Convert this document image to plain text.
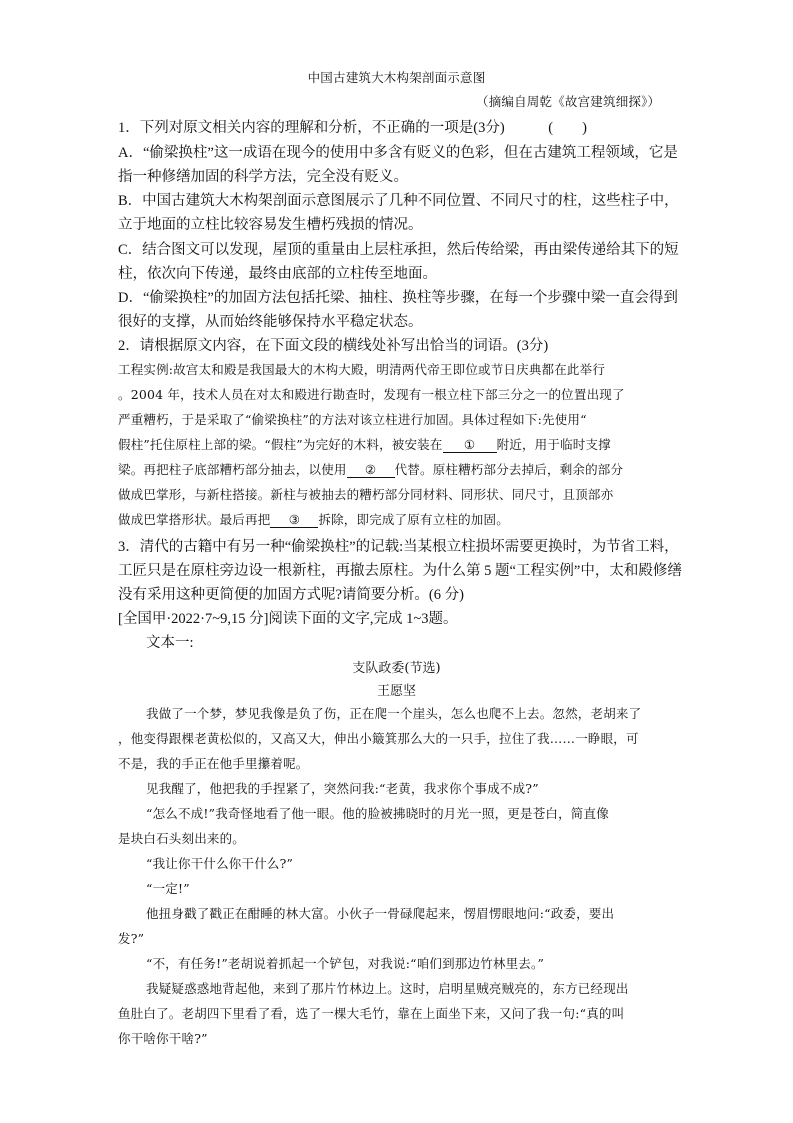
中国古建筑大木构架剖面示意图
（摘编自周乾《故宫建筑细探》）
1．下列对原文相关内容的理解和分析，不正确的一项是(3分)	(　　)
A．“偷梁换柱”这一成语在现今的使用中多含有贬义的色彩，但在古建筑工程领域，它是
指一种修缮加固的科学方法，完全没有贬义。
B．中国古建筑大木构架剖面示意图展示了几种不同位置、不同尺寸的柱，这些柱子中，
立于地面的立柱比较容易发生槽朽残损的情况。
C．结合图文可以发现，屋顶的重量由上层柱承担，然后传给梁，再由梁传递给其下的短
柱，依次向下传递，最终由底部的立柱传至地面。
D．“偷梁换柱”的加固方法包括托梁、抽柱、换柱等步骤，在每一个步骤中梁一直会得到
很好的支撑，从而始终能够保持水平稳定状态。
2．请根据原文内容，在下面文段的横线处补写出恰当的词语。(3分)
工程实例:故宫太和殿是我国最大的木构大殿，明清两代帝王即位或节日庆典都在此举行
。2004 年，技术人员在对太和殿进行勘查时，发现有一根立柱下部三分之一的位置出现了
严重糟朽，于是采取了“偷梁换柱”的方法对该立柱进行加固。具体过程如下:先使用“
假柱”托住原柱上部的梁。“假柱”为完好的木料，被安装在 ① 附近，用于临时支撑
梁。再把柱子底部糟朽部分抽去，以使用 ② 代替。原柱糟朽部分去掉后，剩余的部分
做成巴掌形，与新柱搭接。新柱与被抽去的糟朽部分同材料、同形状、同尺寸，且顶部亦
做成巴掌搭形状。最后再把 ③ 拆除，即完成了原有立柱的加固。
3．清代的古籍中有另一种“偷梁换柱”的记载:当某根立柱损坏需要更换时，为节省工料，
工匠只是在原柱旁边设一根新柱，再撤去原柱。为什么第 5 题“工程实例”中，太和殿修缮
没有采用这种更简便的加固方式呢?请简要分析。(6 分)
[全国甲·2022·7~9,15 分]阅读下面的文字,完成 1~3题。
文本一:
支队政委(节选)
王愿坚
我做了一个梦，梦见我像是负了伤，正在爬一个崖头，怎么也爬不上去。忽然，老胡来了
，他变得跟棵老黄松似的，又高又大，伸出小簸箕那么大的一只手，拉住了我……一睁眼，可
不是，我的手正在他手里攥着呢。
见我醒了，他把我的手捏紧了，突然问我:“老黄，我求你个事成不成?”
“怎么不成!”我奇怪地看了他一眼。他的脸被拂晓时的月光一照，更是苍白，简直像
是块白石头刻出来的。
“我让你干什么你干什么?”
“一定!”
他扭身戳了戳正在酣睡的林大富。小伙子一骨碌爬起来，愣眉愣眼地问:“政委，要出
发?”
“不，有任务!”老胡说着抓起一个铲包，对我说:“咱们到那边竹林里去。”
我疑疑惑惑地背起他，来到了那片竹林边上。这时，启明星贼亮贼亮的，东方已经现出
鱼肚白了。老胡四下里看了看，选了一棵大毛竹，靠在上面坐下来，又问了我一句:“真的叫
你干啥你干啥?”
